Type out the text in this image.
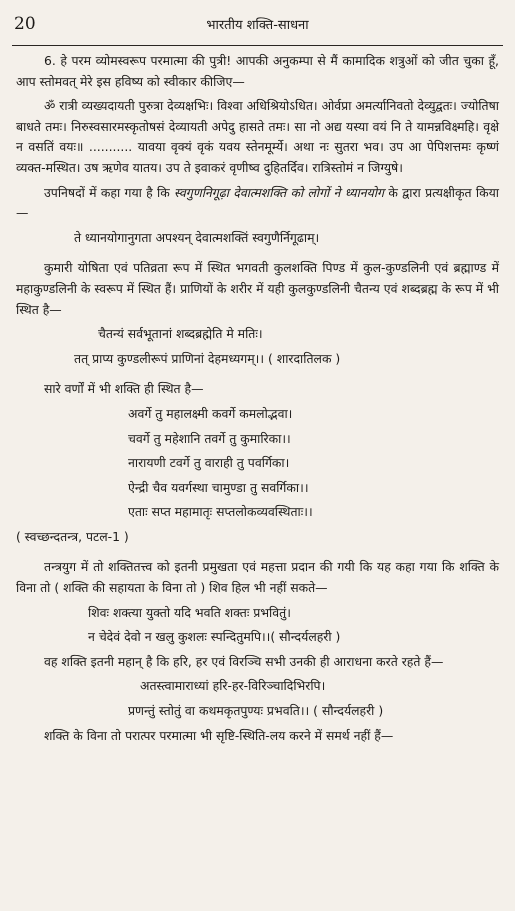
20	भारतीय शक्ति-साधना

6. हे परम व्योमस्वरूप परमात्मा की पुत्री! आपकी अनुकम्पा से मैं कामादिक शत्रुओं को जीत चुका हूँ, आप स्तोमवत् मेरे इस हविष्य को स्वीकार कीजिए—

ॐ रात्री व्यख्यदायती पुरुत्रा देव्यक्षभिः। विश्वा अधिश्रियोऽधित। ओर्वप्रा अमर्त्यानिवतो देव्युद्वतः। ज्योतिषा बाधते तमः। निरुस्वसारमस्कृतोषसं देव्यायती अपेदु हासते तमः। सा नो अद्य यस्या वयं नि ते यामन्नविक्ष्महि। वृक्षे न वसतिं वयः॥ ........... यावया वृक्यं वृकं यवय स्तेनमूर्म्ये। अथा नः सुतरा भव। उप आ पेपिशत्तमः कृष्णं व्यक्त-मस्थित। उष ऋणेव यातय। उप ते इवाकरं वृणीष्व दुहितर्दिव। रात्रिस्तोमं न जिग्युषे।

उपनिषदों में कहा गया है कि स्वगुणनिगूढ़ा देवात्मशक्ति को लोगों ने ध्यानयोग के द्वारा प्रत्यक्षीकृत किया—

ते ध्यानयोगानुगता अपश्यन् देवात्मशक्तिं स्वगुणैर्निगूढाम्।

कुमारी योषिता एवं पतिव्रता रूप में स्थित भगवती कुलशक्ति पिण्ड में कुल-कुण्डलिनी एवं ब्रह्माण्ड में महाकुण्डलिनी के स्वरूप में स्थित हैं। प्राणियों के शरीर में यही कुलकुण्डलिनी चैतन्य एवं शब्दब्रह्म के रूप में भी स्थित है—

चैतन्यं सर्वभूतानां शब्दब्रह्मेति मे मतिः।

तत् प्राप्य कुण्डलीरूपं प्राणिनां देहमध्यगम्।। ( शारदातिलक )

सारे वर्णों में भी शक्ति ही स्थित है—

अवर्गे तु महालक्ष्मी कवर्गे कमलोद्भवा।

चवर्गे तु महेशानि तवर्गे तु कुमारिका।।

नारायणी टवर्गे तु वाराही तु पवर्गिका।

ऐन्द्री चैव यवर्गस्था चामुण्डा तु सवर्गिका।।

एताः सप्त महामातृः सप्तलोकव्यवस्थिताः।।

( स्वच्छन्दतन्त्र, पटल-1 )

तन्त्रयुग में तो शक्तितत्त्व को इतनी प्रमुखता एवं महत्ता प्रदान की गयी कि यह कहा गया कि शक्ति के विना तो ( शक्ति की सहायता के विना तो ) शिव हिल भी नहीं सकते—

शिवः शक्त्या युक्तो यदि भवति शक्तः प्रभवितुं।

न चेदेवं देवो न खलु कुशलः स्पन्दितुमपि।।( सौन्दर्यलहरी )

वह शक्ति इतनी महान् है कि हरि, हर एवं विरञ्चि सभी उनकी ही आराधना करते रहते हैं—

अतस्त्वामाराध्यां हरि-हर-विरिञ्चादिभिरपि।

प्रणन्तुं स्तोतुं वा कथमकृतपुण्यः प्रभवति।। ( सौन्दर्यलहरी )

शक्ति के विना तो परात्पर परमात्मा भी सृष्टि-स्थिति-लय करने में समर्थ नहीं हैं—
